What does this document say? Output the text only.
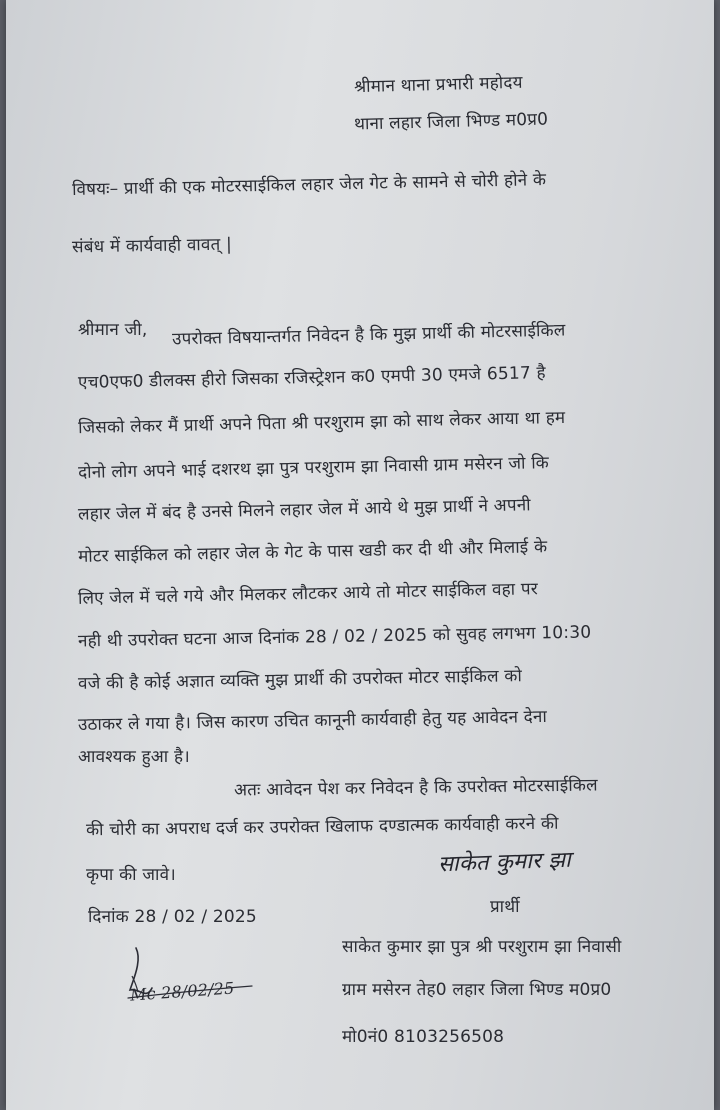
श्रीमान थाना प्रभारी महोदय
थाना लहार जिला भिण्ड म0प्र0
विषयः– प्रार्थी की एक मोटरसाईकिल लहार जेल गेट के सामने से चोरी होने के
संबंध में कार्यवाही वावत् |
श्रीमान जी, उपरोक्त विषयान्तर्गत निवेदन है कि मुझ प्रार्थी की मोटरसाईकिल
एच0एफ0 डीलक्स हीरो जिसका रजिस्ट्रेशन क0 एमपी 30 एमजे 6517 है
जिसको लेकर मैं प्रार्थी अपने पिता श्री परशुराम झा को साथ लेकर आया था हम
दोनो लोग अपने भाई दशरथ झा पुत्र परशुराम झा निवासी ग्राम मसेरन जो कि
लहार जेल में बंद है उनसे मिलने लहार जेल में आये थे मुझ प्रार्थी ने अपनी
मोटर साईकिल को लहार जेल के गेट के पास खडी कर दी थी और मिलाई के
लिए जेल में चले गये और मिलकर लौटकर आये तो मोटर साईकिल वहा पर
नही थी उपरोक्त घटना आज दिनांक 28 / 02 / 2025 को सुवह लगभग 10:30
वजे की है कोई अज्ञात व्यक्ति मुझ प्रार्थी की उपरोक्त मोटर साईकिल को
उठाकर ले गया है। जिस कारण उचित कानूनी कार्यवाही हेतु यह आवेदन देना
आवश्यक हुआ है।
अतः आवेदन पेश कर निवेदन है कि उपरोक्त मोटरसाईकिल
की चोरी का अपराध दर्ज कर उपरोक्त खिलाफ दण्डात्मक कार्यवाही करने की
कृपा की जावे।	साकेत कुमार झा
प्रार्थी
दिनांक 28 / 02 / 2025
साकेत कुमार झा पुत्र श्री परशुराम झा निवासी
ग्राम मसेरन तेह0 लहार जिला भिण्ड म0प्र0
मो0नं0 8103256508
Mc 28/02/25
